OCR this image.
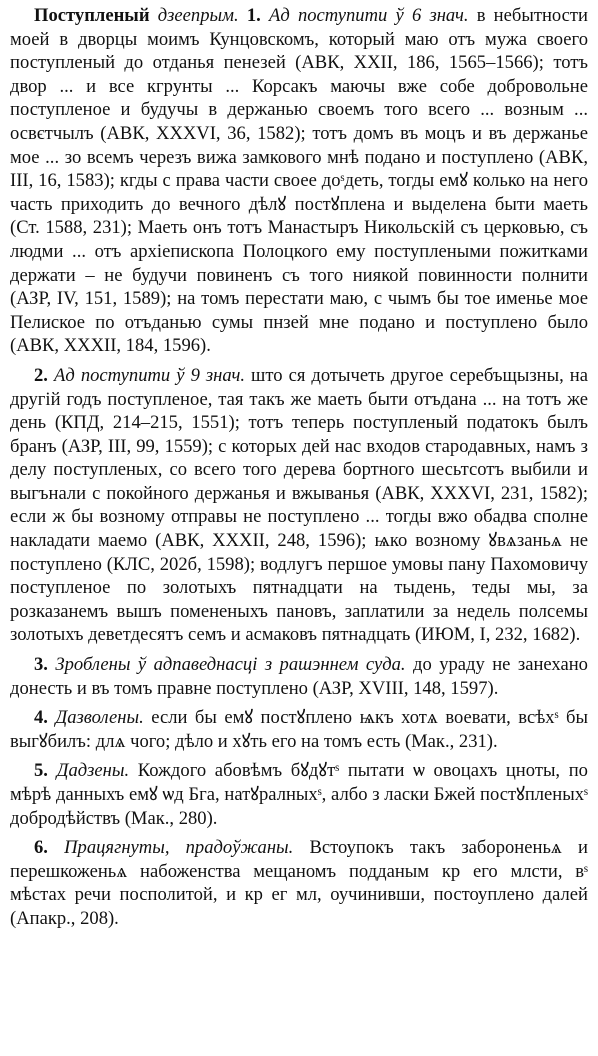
Поступленый дзеепрым. 1. Ад поступити ў 6 знач. в небытности моей в дворцы моимъ Кунцовскомъ, который маю отъ мужа своего поступленый до отданья пенезей (АВК, XXII, 186, 1565–1566); тотъ двор ... и все кгрунты ... Корсакъ маючы вже собе добровольне поступленое и будучы в держанью своемъ того всего ... возным ... освєтчылъ (АВК, XXXVI, 36, 1582); тотъ домъ въ моцъ и въ держанье мое ... зо всемъ черезъ вижа замкового мнѣ подано и поступлено (АВК, III, 16, 1583); кгды с права части своее доˢдеть, тогды емꙋ колько на него часть приходить до вечного дѣлꙋ постꙋплена и выделена быти маеть (Ст. 1588, 231); Маеть онъ тотъ Манастыръ Никольскій съ церковью, съ людми ... отъ архіепископа Полоцкого ему поступлеными пожитками держати – не будучи повиненъ съ того ниякой повинности полнити (АЗР, IV, 151, 1589); на томъ перестати маю, с чымъ бы тое именье мое Пелиское по отъданью сумы пнзей мне подано и поступлено было (АВК, XXXII, 184, 1596).

2. Ад поступити ў 9 знач. што ся дотычеть другое серебъщызны, на другій годъ поступленое, тая такъ же маеть быти отъдана ... на тотъ же день (КПД, 214–215, 1551); тотъ теперь поступленый податокъ былъ бранъ (АЗР, III, 99, 1559); с которых дей нас входов стародавных, намъ з делу поступленых, со всего того дерева бортного шесьтсотъ выбили и выгънали с покойного держанья и вжыванья (АВК, XXXVI, 231, 1582); если ж бы возному отправы не поступлено ... тогды вжо обадва сполне накладати маемо (АВК, XXXII, 248, 1596); ѩко возному ꙋвѧзаньѧ не поступлено (КЛС, 202б, 1598); водлугъ першое умовы пану Пахомовичу поступленое по золотыхъ пятнадцати на тыдень, теды мы, за розказанемъ вышъ помененыхъ пановъ, заплатили за недель полсемы золотыхъ деветдесятъ семъ и асмаковъ пятнадцать (ИЮМ, I, 232, 1682).

3. Зроблены ў адпаведнасці з рашэннем суда. до ураду не занехано донесть и въ томъ правне поступлено (АЗР, XVIII, 148, 1597).

4. Дазволены. если бы емꙋ постꙋплено ѩкъ хотѧ воевати, всѣхˢ бы выгꙋбилъ: длѧ чого; дѣло и хꙋть его на томъ есть (Мак., 231).

5. Дадзены. Кождого абовѣмъ бꙋдꙋтˢ пытати ѡ овоцахъ цноты, по мѣрѣ данныхъ емꙋ ѡд Бга, натꙋралныхˢ, албо з ласки Бжей постꙋпленыхˢ добродѣйствъ (Мак., 280).

6. Працягнуты, прадоўжаны. Встоупокъ такъ забороненьѧ и перешкоженьѧ набоженства мещаномъ подданым кр его млсти, вˢ мѣстах речи посполитой, и кр ег мл, оучинивши, постоуплено далей (Апакр., 208).
